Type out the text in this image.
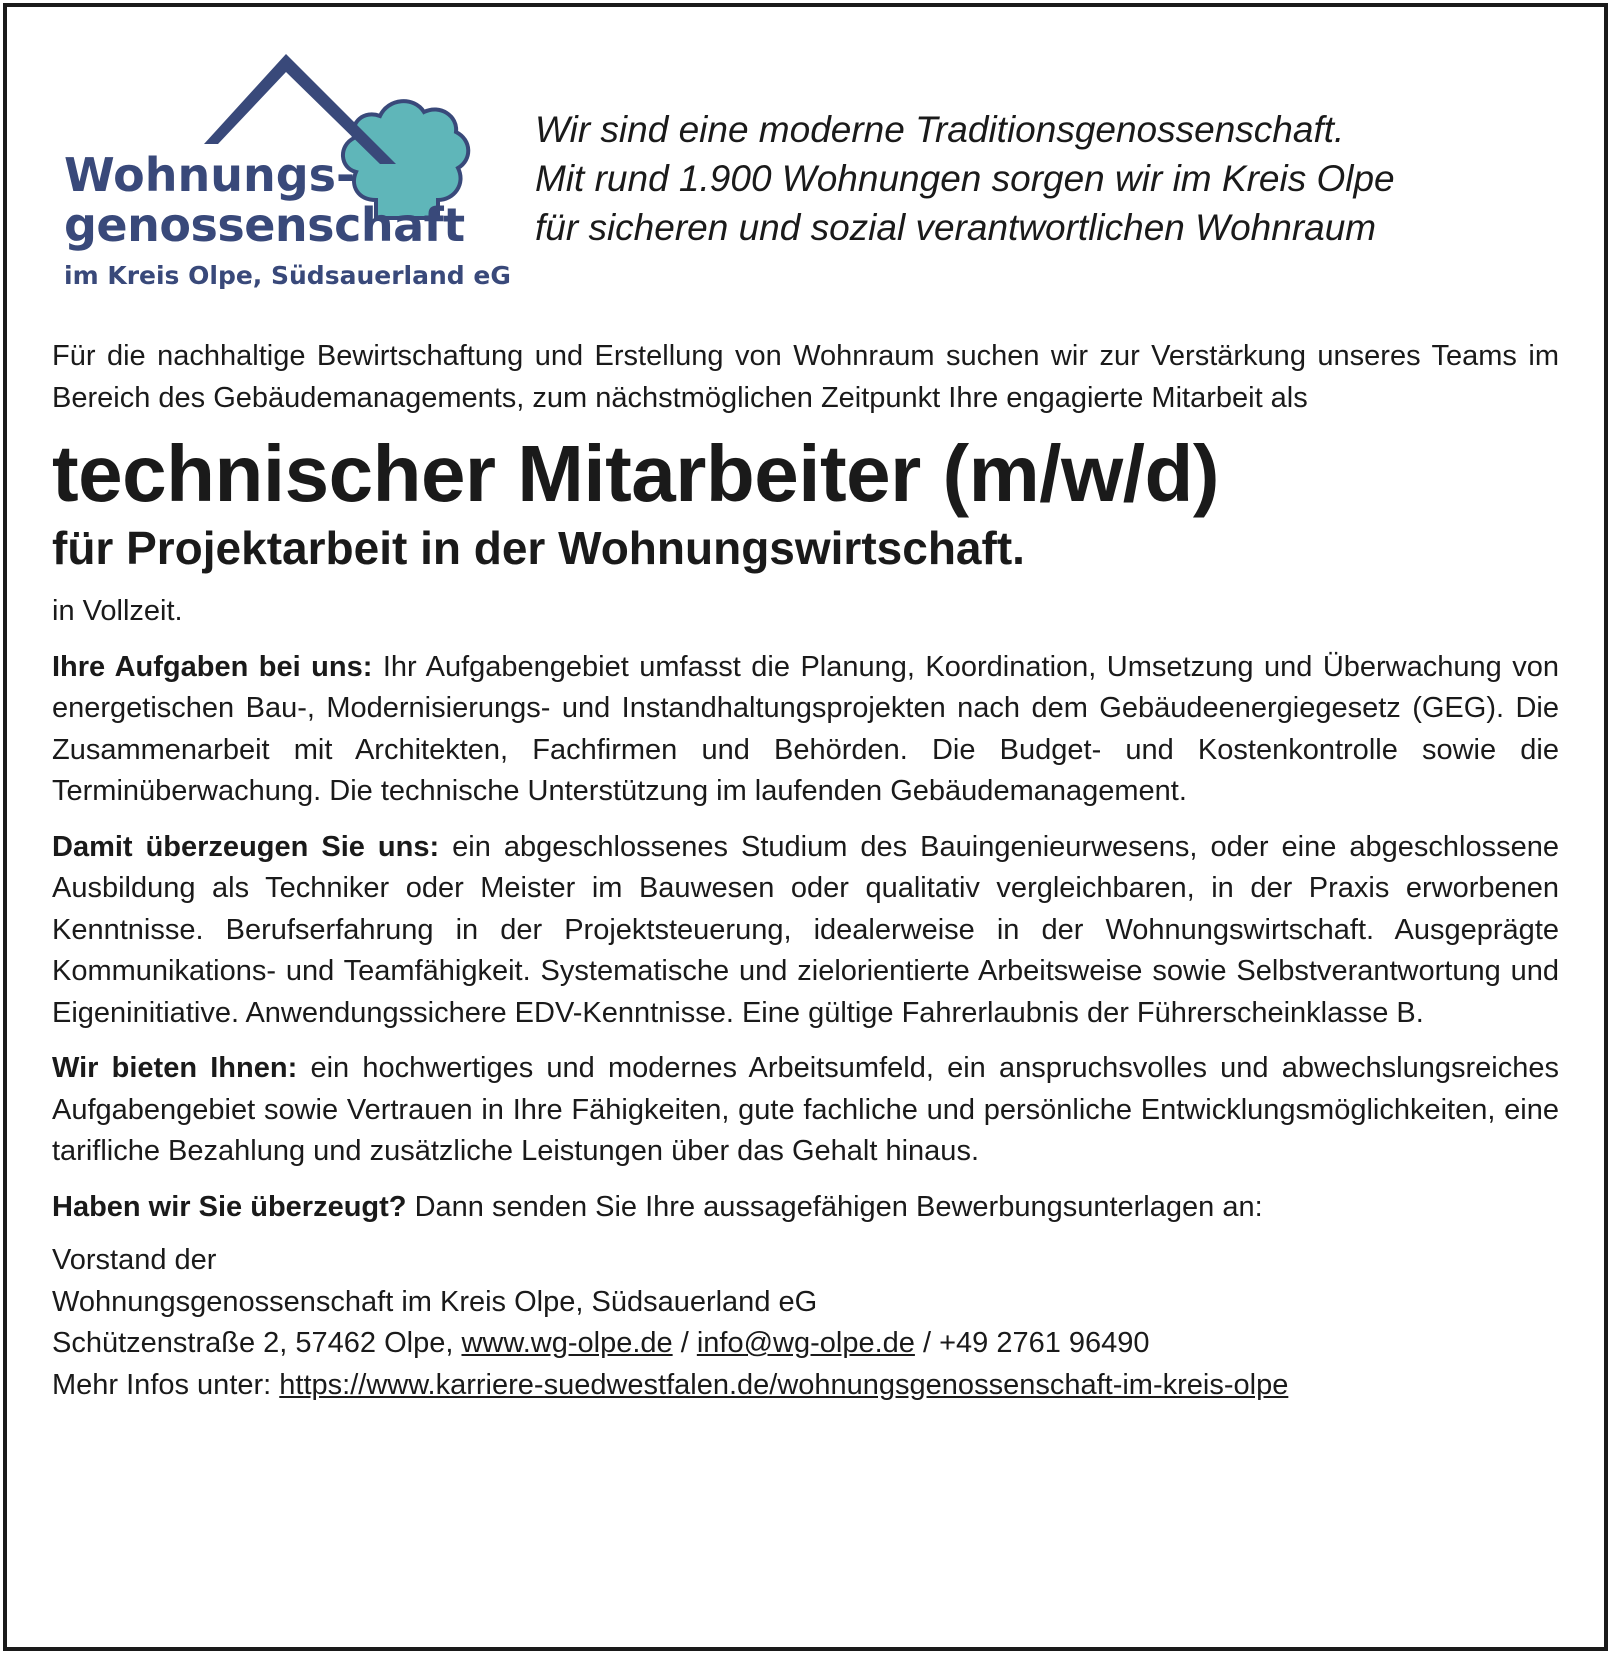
Wohnungs-
genossenschaft
im Kreis Olpe, Südsauerland eG
Wir sind eine moderne Traditionsgenossenschaft.
Mit rund 1.900 Wohnungen sorgen wir im Kreis Olpe
für sicheren und sozial verantwortlichen Wohnraum

Für die nachhaltige Bewirtschaftung und Erstellung von Wohnraum suchen wir zur Verstärkung unseres Teams im Bereich des Gebäudemanagements, zum nächstmöglichen Zeitpunkt Ihre engagierte Mitarbeit als

technischer Mitarbeiter (m/w/d)
für Projektarbeit in der Wohnungswirtschaft.

in Vollzeit.

Ihre Aufgaben bei uns: Ihr Aufgabengebiet umfasst die Planung, Koordination, Umsetzung und Überwachung von energetischen Bau-, Modernisierungs- und Instandhaltungsprojekten nach dem Gebäudeenergiegesetz (GEG). Die Zusammenarbeit mit Architekten, Fachfirmen und Behörden. Die Budget- und Kostenkontrolle sowie die Terminüberwachung. Die technische Unterstützung im laufenden Gebäudemanagement.

Damit überzeugen Sie uns: ein abgeschlossenes Studium des Bauingenieurwesens, oder eine abgeschlossene Ausbildung als Techniker oder Meister im Bauwesen oder qualitativ vergleichbaren, in der Praxis erworbenen Kenntnisse. Berufserfahrung in der Projektsteuerung, idealerweise in der Wohnungswirtschaft. Ausgeprägte Kommunikations- und Teamfähigkeit. Systematische und zielorientierte Arbeitsweise sowie Selbstverantwortung und Eigeninitiative. Anwendungssichere EDV-Kenntnisse. Eine gültige Fahrerlaubnis der Führerscheinklasse B.

Wir bieten Ihnen: ein hochwertiges und modernes Arbeitsumfeld, ein anspruchsvolles und abwechslungsreiches Aufgabengebiet sowie Vertrauen in Ihre Fähigkeiten, gute fachliche und persönliche Entwicklungsmöglichkeiten, eine tarifliche Bezahlung und zusätzliche Leistungen über das Gehalt hinaus.

Haben wir Sie überzeugt? Dann senden Sie Ihre aussagefähigen Bewerbungsunterlagen an:

Vorstand der
Wohnungsgenossenschaft im Kreis Olpe, Südsauerland eG
Schützenstraße 2, 57462 Olpe, www.wg-olpe.de / info@wg-olpe.de / +49 2761 96490
Mehr Infos unter: https://www.karriere-suedwestfalen.de/wohnungsgenossenschaft-im-kreis-olpe
